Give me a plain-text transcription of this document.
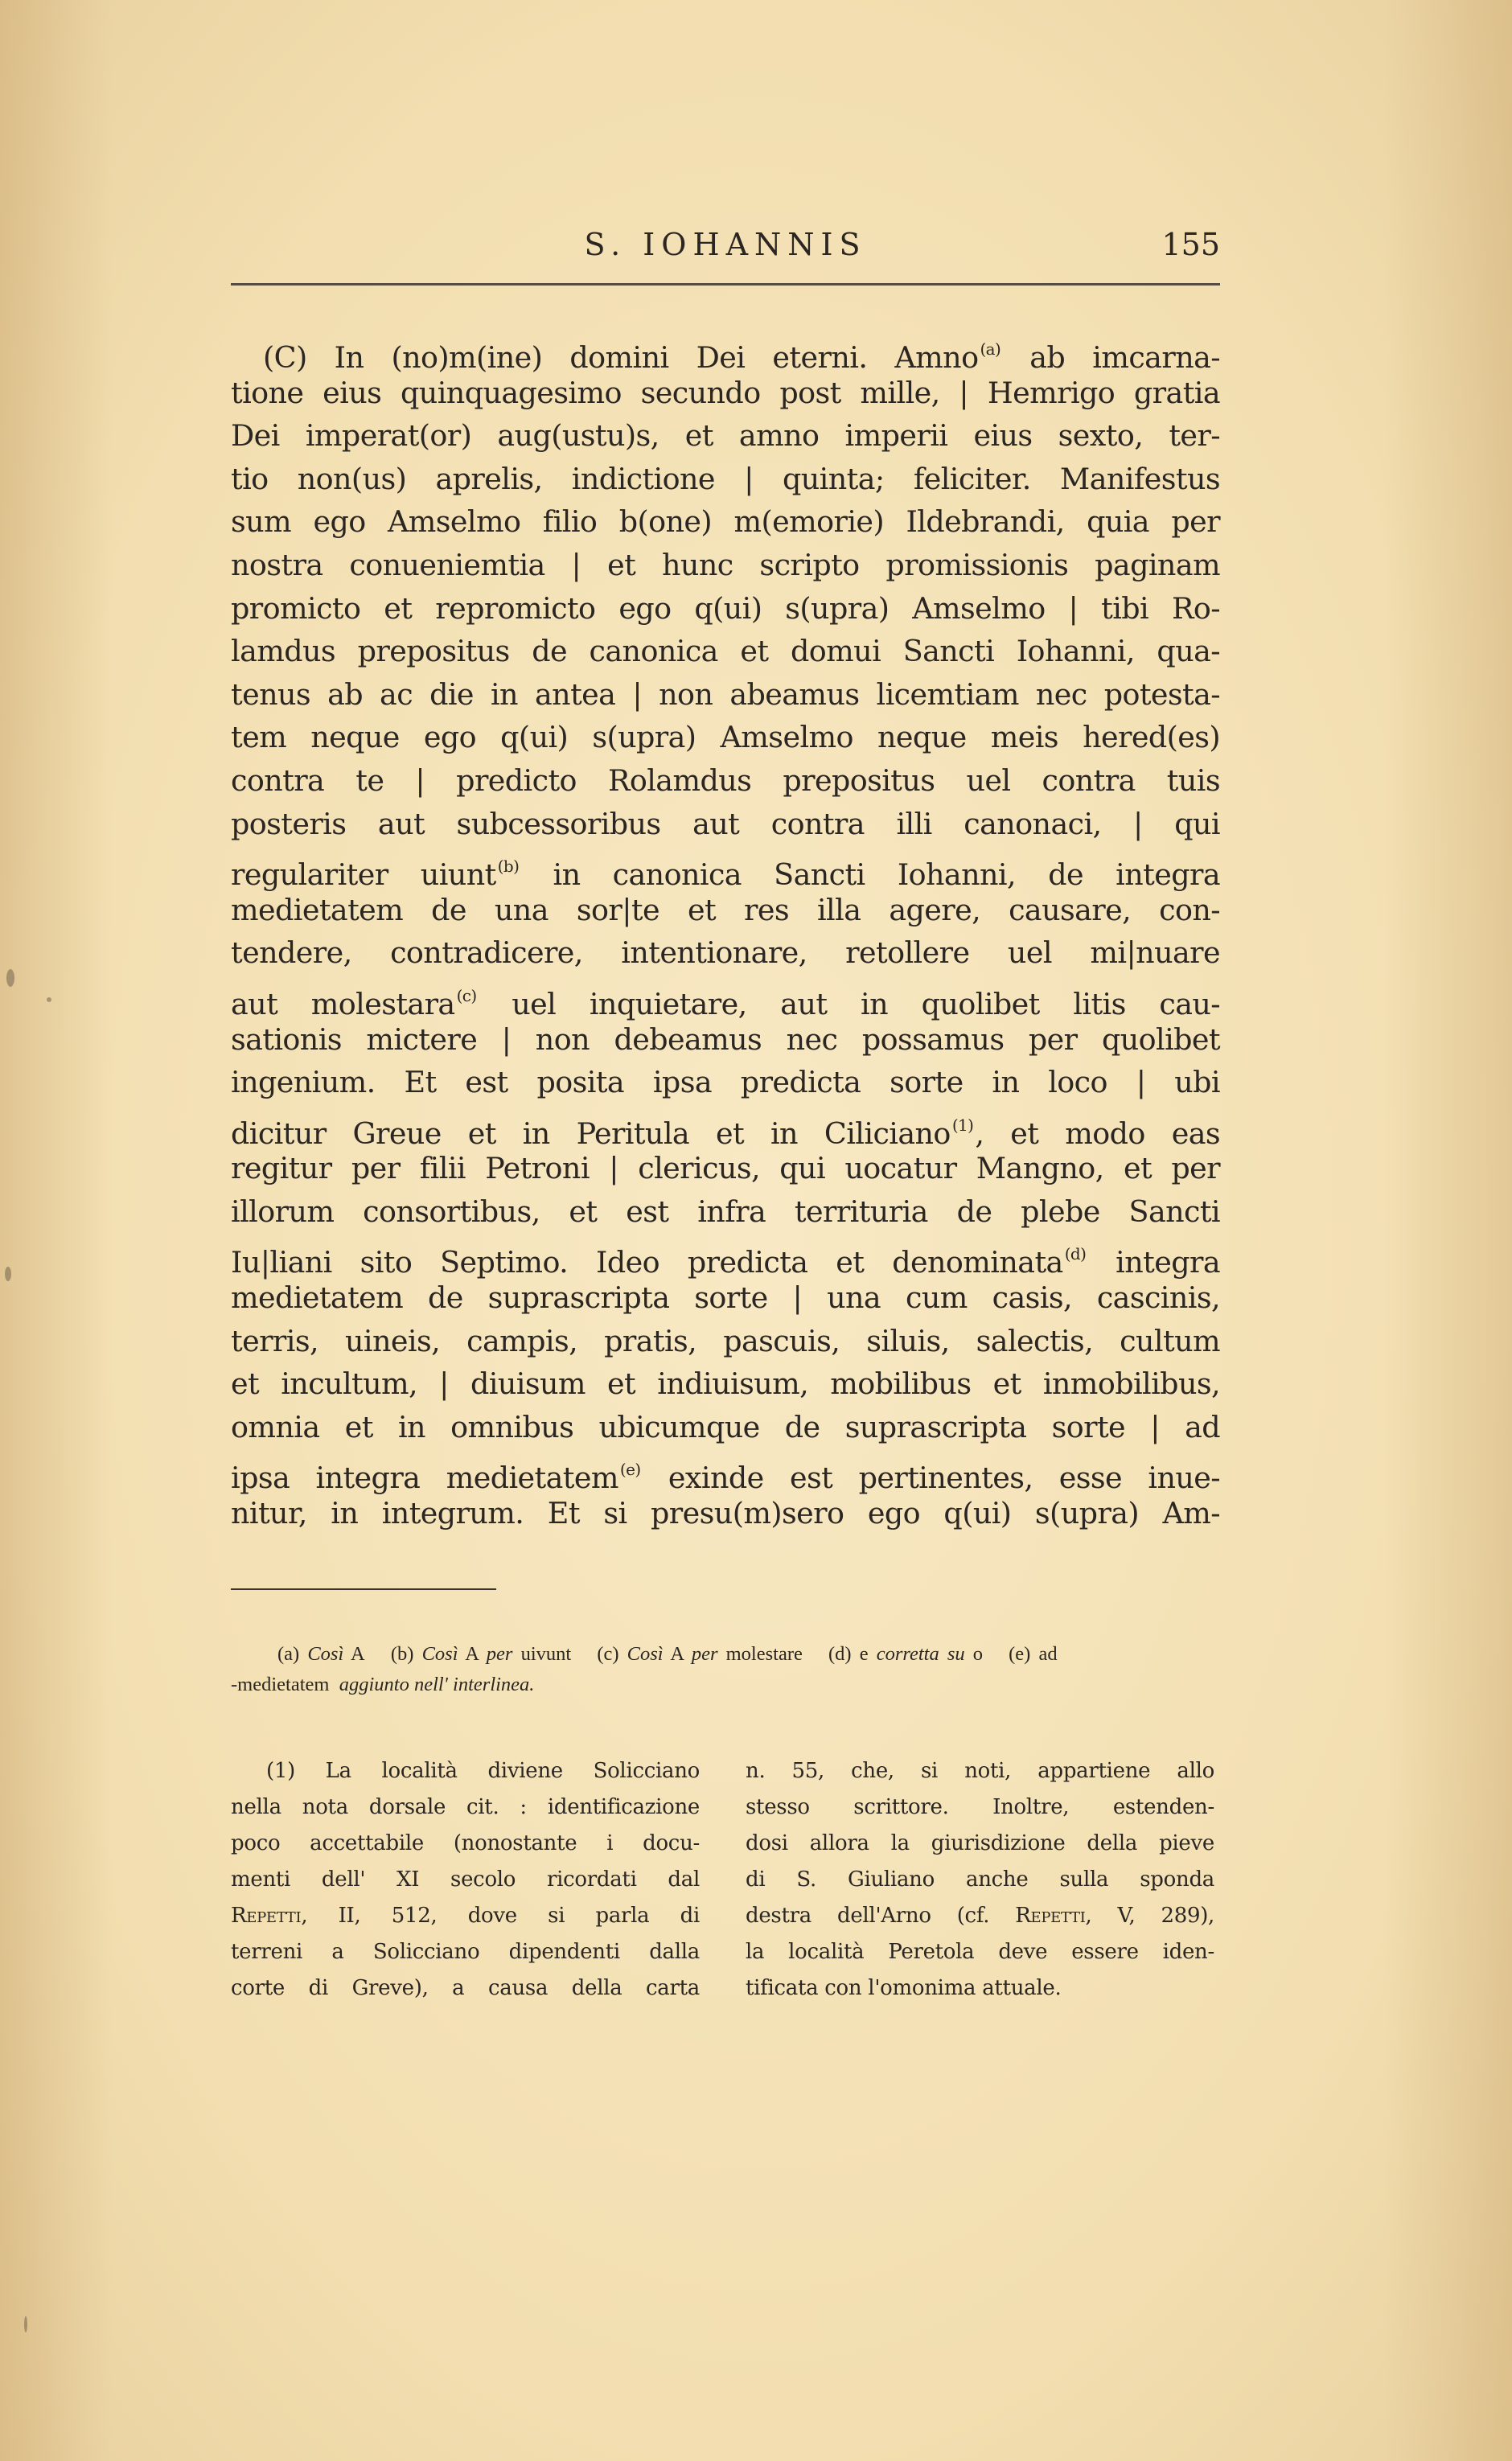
S. IOHANNIS	155
(C) In (no)m(ine) domini Dei eterni. Amno $^{(a)}$ ab imcarna-
tione eius quinquagesimo secundo post mille, | Hemrigo gratia
Dei imperat(or) aug(ustu)s, et amno imperii eius sexto, ter-
tio non(us) aprelis, indictione | quinta; feliciter. Manifestus
sum ego Amselmo filio b(one) m(emorie) Ildebrandi, quia per
nostra conueniemtia | et hunc scripto promissionis paginam
promicto et repromicto ego q(ui) s(upra) Amselmo | tibi Ro-
lamdus prepositus de canonica et domui Sancti Iohanni, qua-
tenus ab ac die in antea | non abeamus licemtiam nec potesta-
tem neque ego q(ui) s(upra) Amselmo neque meis hered(es)
contra te | predicto Rolamdus prepositus uel contra tuis
posteris aut subcessoribus aut contra illi canonaci, | qui
regulariter uiunt $^{(b)}$ in canonica Sancti Iohanni, de integra
medietatem de una sor|te et res illa agere, causare, con-
tendere, contradicere, intentionare, retollere uel mi|nuare
aut molestara $^{(c)}$ uel inquietare, aut in quolibet litis cau-
sationis mictere | non debeamus nec possamus per quolibet
ingenium. Et est posita ipsa predicta sorte in loco | ubi
dicitur Greue et in Peritula et in Ciliciano $^{(1)}$, et modo eas
regitur per filii Petroni | clericus, qui uocatur Mangno, et per
illorum consortibus, et est infra territuria de plebe Sancti
Iu|liani sito Septimo. Ideo predicta et denominata $^{(d)}$ integra
medietatem de suprascripta sorte | una cum casis, cascinis,
terris, uineis, campis, pratis, pascuis, siluis, salectis, cultum
et incultum, | diuisum et indiuisum, mobilibus et inmobilibus,
omnia et in omnibus ubicumque de suprascripta sorte | ad
ipsa integra medietatem $^{(e)}$ exinde est pertinentes, esse inue-
nitur, in integrum. Et si presu(m)sero ego q(ui) s(upra) Am-
(a) Così A (b) Così A per uivunt (c) Così A per molestare (d) e corretta su o (e) ad
-medietatem aggiunto nell' interlinea.
(1) La località diviene Solicciano
nella nota dorsale cit. : identificazione
poco accettabile (nonostante i docu-
menti dell' XI secolo ricordati dal
Repetti, II, 512, dove si parla di
terreni a Solicciano dipendenti dalla
corte di Greve), a causa della carta
n. 55, che, si noti, appartiene allo
stesso scrittore. Inoltre, estenden-
dosi allora la giurisdizione della pieve
di S. Giuliano anche sulla sponda
destra dell'Arno (cf. Repetti, V, 289),
la località Peretola deve essere iden-
tificata con l'omonima attuale.
